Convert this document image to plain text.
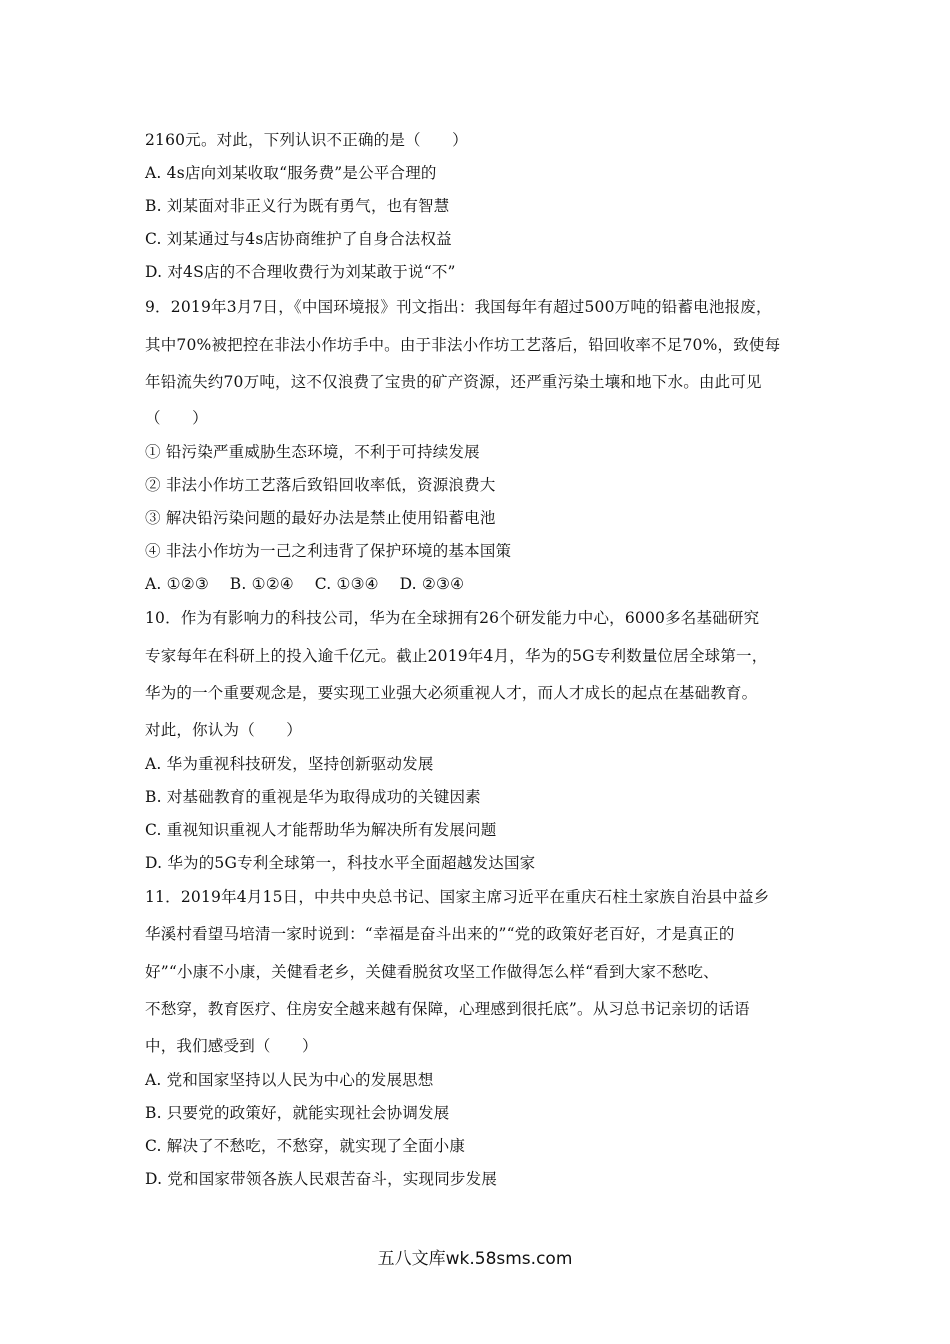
2160元。对此，下列认识不正确的是（　　）
A. 4s店向刘某收取“服务费”是公平合理的
B. 刘某面对非正义行为既有勇气，也有智慧
C. 刘某通过与4s店协商维护了自身合法权益
D. 对4S店的不合理收费行为刘某敢于说“不”
9．2019年3月7日，《中国环境报》刊文指出：我国每年有超过500万吨的铅蓄电池报废，
其中70%被把控在非法小作坊手中。由于非法小作坊工艺落后，铅回收率不足70%，致使每
年铅流失约70万吨，这不仅浪费了宝贵的矿产资源，还严重污染土壤和地下水。由此可见
（　　）
① 铅污染严重威胁生态环境，不利于可持续发展
② 非法小作坊工艺落后致铅回收率低，资源浪费大
③ 解决铅污染问题的最好办法是禁止使用铅蓄电池
④ 非法小作坊为一己之利违背了保护环境的基本国策
A. ①②③　 B. ①②④　 C. ①③④　 D. ②③④
10．作为有影响力的科技公司，华为在全球拥有26个研发能力中心，6000多名基础研究
专家每年在科研上的投入逾千亿元。截止2019年4月，华为的5G专利数量位居全球第一，
华为的一个重要观念是，要实现工业强大必须重视人才，而人才成长的起点在基础教育。
对此，你认为（　　）
A. 华为重视科技研发，坚持创新驱动发展
B. 对基础教育的重视是华为取得成功的关键因素
C. 重视知识重视人才能帮助华为解决所有发展问题
D. 华为的5G专利全球第一，科技水平全面超越发达国家
11．2019年4月15日，中共中央总书记、国家主席习近平在重庆石柱土家族自治县中益乡
华溪村看望马培清一家时说到：“幸福是奋斗出来的”“党的政策好老百好，才是真正的
好”“小康不小康，关健看老乡，关健看脱贫攻坚工作做得怎么样“看到大家不愁吃、
不愁穿，教育医疗、住房安全越来越有保障，心理感到很托底”。从习总书记亲切的话语
中，我们感受到（　　）
A. 党和国家坚持以人民为中心的发展思想
B. 只要党的政策好，就能实现社会协调发展
C. 解决了不愁吃，不愁穿，就实现了全面小康
D. 党和国家带领各族人民艰苦奋斗，实现同步发展
五八文库wk.58sms.com
